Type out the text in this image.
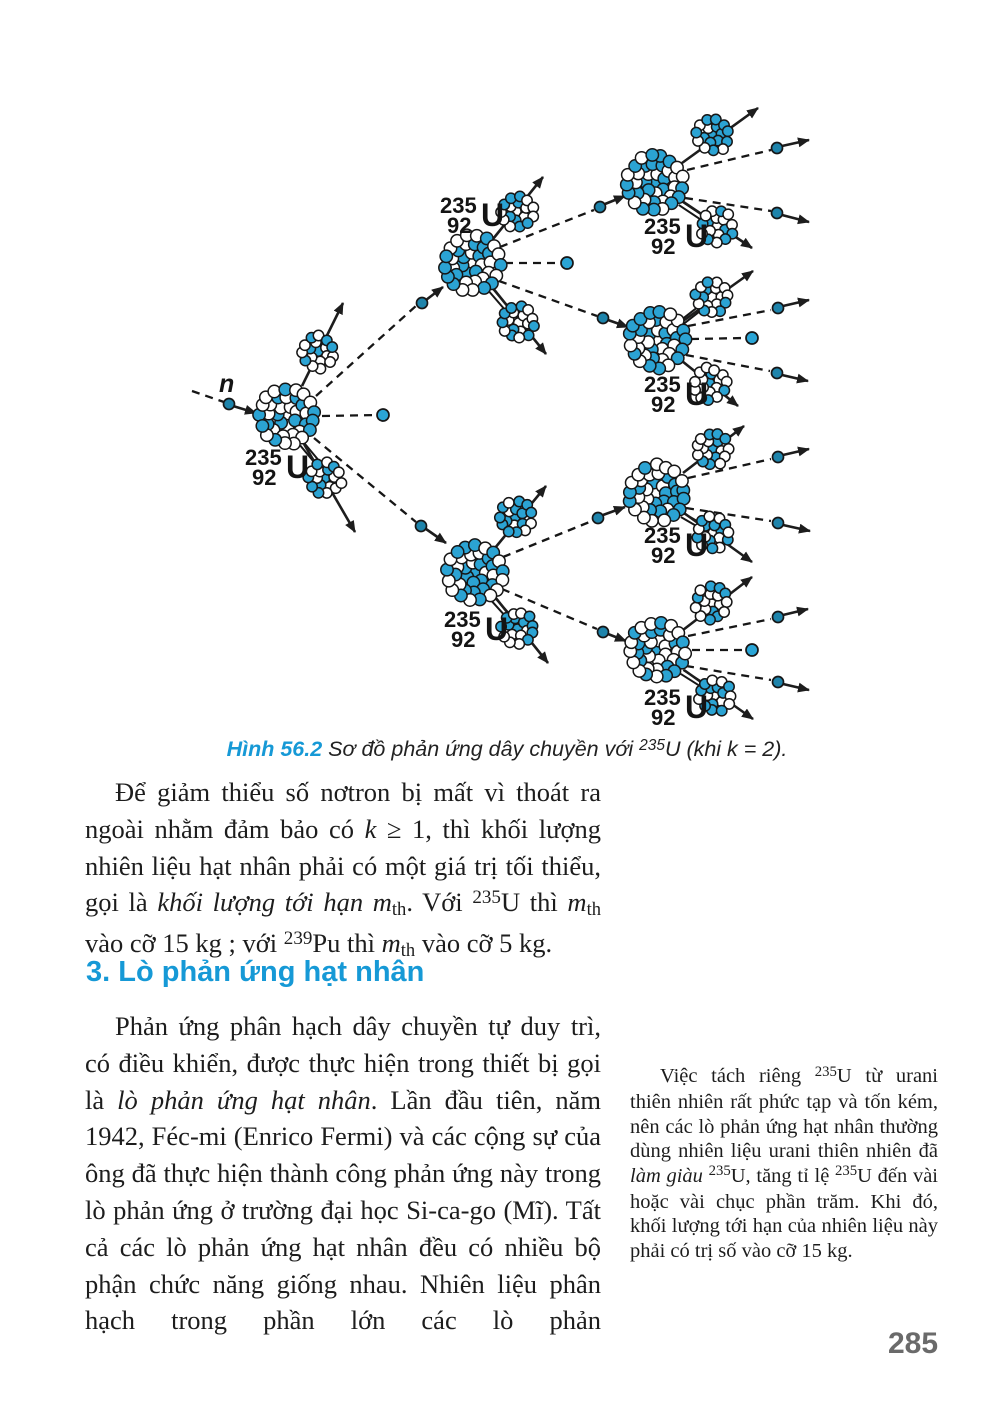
235
92 U
235
92 U
235
92 U
235
92 U
235
92 U
235
92 U
235
92 U
n
Hình 56.2 Sơ đồ phản ứng dây chuyền với $^{235}$U (khi k = 2).
Để giảm thiểu số nơtron bị mất vì thoát ra ngoài nhằm đảm bảo có k ≥ 1, thì khối lượng nhiên liệu hạt nhân phải có một giá trị tối thiểu, gọi là khối lượng tới hạn mth. Với $^{235}$U thì mth vào cỡ 15 kg ; với $^{239}$Pu thì mth vào cỡ 5 kg.
3. Lò phản ứng hạt nhân
Phản ứng phân hạch dây chuyền tự duy trì, có điều khiển, được thực hiện trong thiết bị gọi là lò phản ứng hạt nhân. Lần đầu tiên, năm 1942, Féc-mi (Enrico Fermi) và các cộng sự của ông đã thực hiện thành công phản ứng này trong lò phản ứng ở trường đại học Si-ca-go (Mĩ). Tất cả các lò phản ứng hạt nhân đều có nhiều bộ phận chức năng giống nhau. Nhiên liệu phân hạch trong phần lớn các lò phản
Việc tách riêng $^{235}$U từ urani thiên nhiên rất phức tạp và tốn kém, nên các lò phản ứng hạt nhân thường dùng nhiên liệu urani thiên nhiên đã làm giàu $^{235}$U, tăng tỉ lệ $^{235}$U đến vài hoặc vài chục phần trăm. Khi đó, khối lượng tới hạn của nhiên liệu này phải có trị số vào cỡ 15 kg.
285
